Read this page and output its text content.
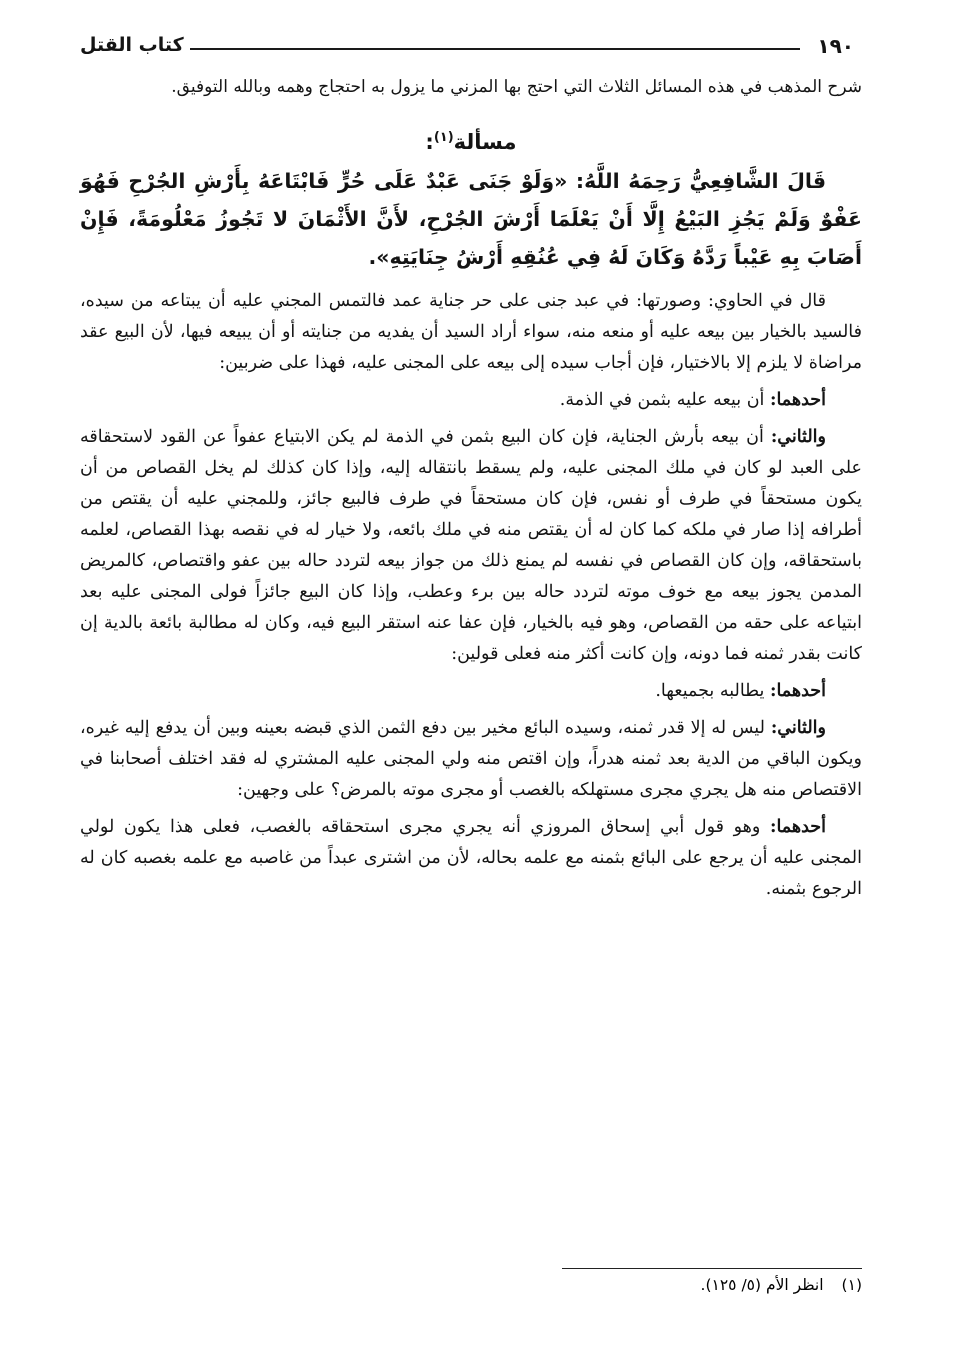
١٩٠
كتاب القتل

شرح المذهب في هذه المسائل الثلاث التي احتج بها المزني ما يزول به احتجاج وهمه وبالله التوفيق.

مسألة$^{(١)}$:

قَالَ الشَّافِعِيُّ رَحِمَهُ اللَّهُ: «وَلَوْ جَنَى عَبْدٌ عَلَى حُرٍّ فَابْتَاعَهُ بِأَرْشِ الجُرْحِ فَهُوَ عَفْوٌ وَلَمْ يَجُزِ البَيْعُ إِلَّا أَنْ يَعْلَمَا أَرْشَ الجُرْحِ، لأَنَّ الأَثْمَانَ لا تَجُوزُ مَعْلُومَةً، فَإِنْ أَصَابَ بِهِ عَيْباً رَدَّهُ وَكَانَ لَهُ فِي عُنُقِهِ أَرْشُ جِنَايَتِهِ».

قال في الحاوي: وصورتها: في عبد جنى على حر جناية عمد فالتمس المجني عليه أن يبتاعه من سيده، فالسيد بالخيار بين بيعه عليه أو منعه منه، سواء أراد السيد أن يفديه من جنايته أو أن يبيعه فيها، لأن البيع عقد مراضاة لا يلزم إلا بالاختيار، فإن أجاب سيده إلى بيعه على المجنى عليه، فهذا على ضربين:

أحدهما: أن بيعه عليه بثمن في الذمة.

والثاني: أن بيعه بأرش الجناية، فإن كان البيع بثمن في الذمة لم يكن الابتياع عفواً عن القود لاستحقاقه على العبد لو كان في ملك المجنى عليه، ولم يسقط بانتقاله إليه، وإذا كان كذلك لم يخل القصاص من أن يكون مستحقاً في طرف أو نفس، فإن كان مستحقاً في طرف فالبيع جائز، وللمجني عليه أن يقتص من أطرافه إذا صار في ملكه كما كان له أن يقتص منه في ملك بائعه، ولا خيار له في نقصه بهذا القصاص، لعلمه باستحقاقه، وإن كان القصاص في نفسه لم يمنع ذلك من جواز بيعه لتردد حاله بين عفو واقتصاص، كالمريض المدمن يجوز بيعه مع خوف موته لتردد حاله بين برء وعطب، وإذا كان البيع جائزاً فولى المجنى عليه بعد ابتياعه على حقه من القصاص، وهو فيه بالخيار، فإن عفا عنه استقر البيع فيه، وكان له مطالبة بائعة بالدية إن كانت بقدر ثمنه فما دونه، وإن كانت أكثر منه فعلى قولين:

أحدهما: يطالبه بجميعها.

والثاني: ليس له إلا قدر ثمنه، وسيده البائع مخير بين دفع الثمن الذي قبضه بعينه وبين أن يدفع إليه غيره، ويكون الباقي من الدية بعد ثمنه هدراً، وإن اقتص منه ولي المجنى عليه المشتري له فقد اختلف أصحابنا في الاقتصاص منه هل يجري مجرى مستهلكه بالغصب أو مجرى موته بالمرض؟ على وجهين:

أحدهما: وهو قول أبي إسحاق المروزي أنه يجري مجرى استحقاقه بالغصب، فعلى هذا يكون لولي المجنى عليه أن يرجع على البائع بثمنه مع علمه بحاله، لأن من اشترى عبداً من غاصبه مع علمه بغصبه كان له الرجوع بثمنه.

(١)انظر الأم (٥/ ١٢٥).
